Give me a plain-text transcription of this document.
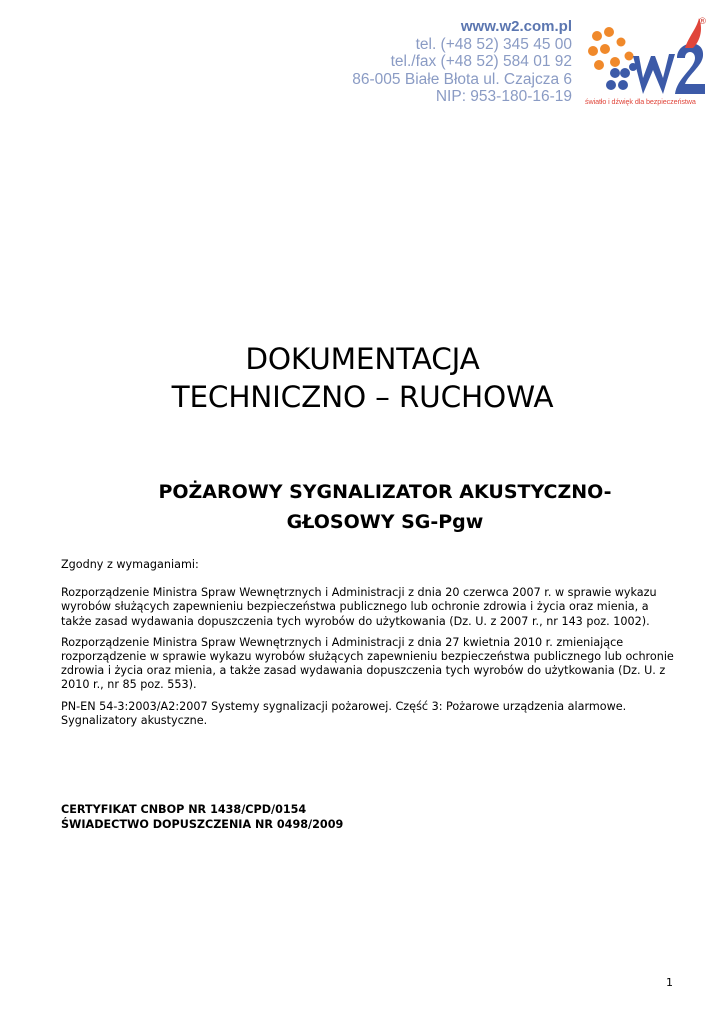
www.w2.com.pl
tel. (+48 52) 345 45 00
tel./fax (+48 52) 584 01 92
86-005 Białe Błota ul. Czajcza 6
NIP: 953-180-16-19
®
światło i dźwięk dla bezpieczeństwa
DOKUMENTACJA
TECHNICZNO – RUCHOWA
POŻAROWY SYGNALIZATOR AKUSTYCZNO-
GŁOSOWY SG-Pgw

Zgodny z wymaganiami:

Rozporządzenie Ministra Spraw Wewnętrznych i Administracji z dnia 20 czerwca 2007 r. w sprawie wykazu wyrobów służących zapewnieniu bezpieczeństwa publicznego lub ochronie zdrowia i życia oraz mienia, a także zasad wydawania dopuszczenia tych wyrobów do użytkowania (Dz. U. z 2007 r., nr 143 poz. 1002).

Rozporządzenie Ministra Spraw Wewnętrznych i Administracji z dnia 27 kwietnia 2010 r. zmieniające rozporządzenie w sprawie wykazu wyrobów służących zapewnieniu bezpieczeństwa publicznego lub ochronie zdrowia i życia oraz mienia, a także zasad wydawania dopuszczenia tych wyrobów do użytkowania (Dz. U. z 2010 r., nr 85 poz. 553).

PN-EN 54-3:2003/A2:2007 Systemy sygnalizacji pożarowej. Część 3: Pożarowe urządzenia alarmowe. Sygnalizatory akustyczne.

CERTYFIKAT CNBOP NR 1438/CPD/0154
ŚWIADECTWO DOPUSZCZENIA NR 0498/2009
1
